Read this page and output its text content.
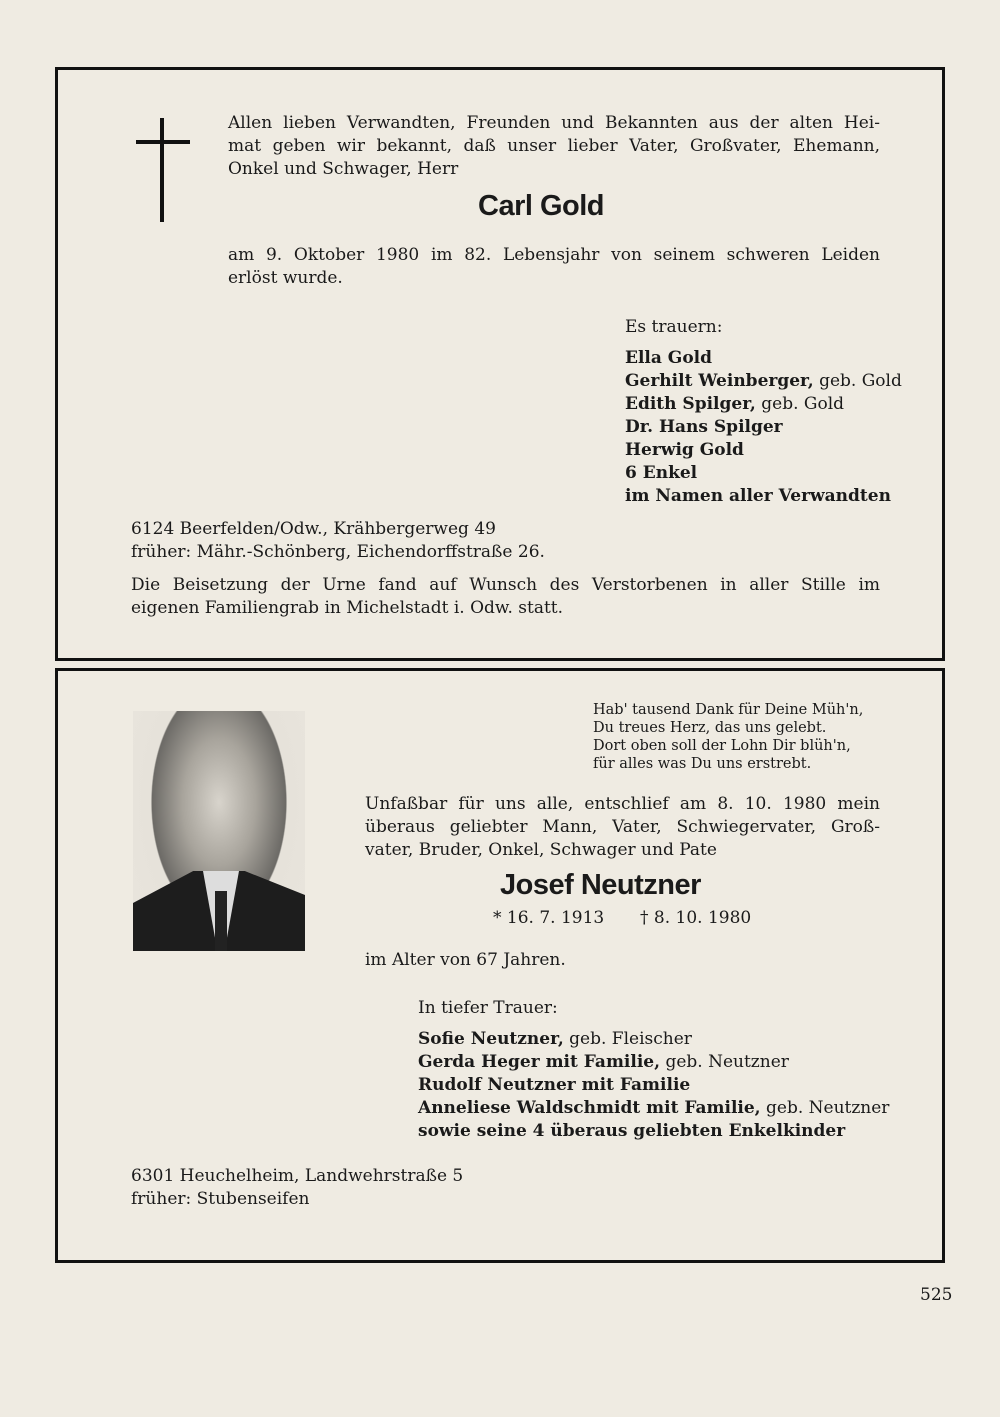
Allen lieben Verwandten, Freunden und Bekannten aus der alten Hei-
mat geben wir bekannt, daß unser lieber Vater, Großvater, Ehemann,
Onkel und Schwager, Herr
Carl Gold
am 9. Oktober 1980 im 82. Lebensjahr von seinem schweren Leiden
erlöst wurde.
Es trauern:
Ella Gold
Gerhilt Weinberger, geb. Gold
Edith Spilger, geb. Gold
Dr. Hans Spilger
Herwig Gold
6 Enkel
im Namen aller Verwandten
6124 Beerfelden/Odw., Krähbergerweg 49
früher: Mähr.-Schönberg, Eichendorffstraße 26.
Die Beisetzung der Urne fand auf Wunsch des Verstorbenen in aller Stille im
eigenen Familiengrab in Michelstadt i. Odw. statt.
Hab' tausend Dank für Deine Müh'n,
Du treues Herz, das uns gelebt.
Dort oben soll der Lohn Dir blüh'n,
für alles was Du uns erstrebt.
Unfaßbar für uns alle, entschlief am 8. 10. 1980 mein
überaus geliebter Mann, Vater, Schwiegervater, Groß-
vater, Bruder, Onkel, Schwager und Pate
Josef Neutzner
* 16. 7. 1913 † 8. 10. 1980
im Alter von 67 Jahren.
In tiefer Trauer:
Sofie Neutzner, geb. Fleischer
Gerda Heger mit Familie, geb. Neutzner
Rudolf Neutzner mit Familie
Anneliese Waldschmidt mit Familie, geb. Neutzner
sowie seine 4 überaus geliebten Enkelkinder
6301 Heuchelheim, Landwehrstraße 5
früher: Stubenseifen
525
